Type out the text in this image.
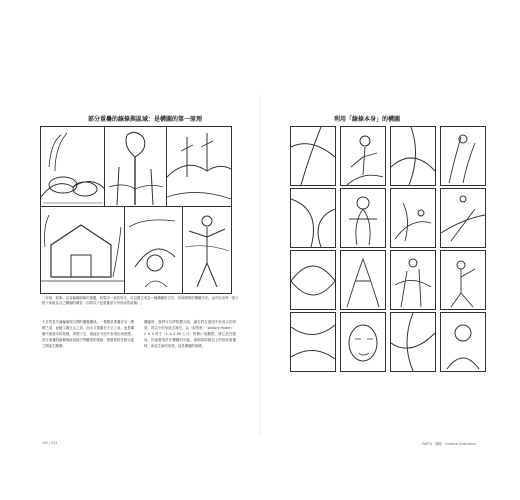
部分重疊的線條與區域：是構圖的第一原理
「房屋、鉛筆」以及輪廓線條的重疊，如果用一致的形式，可以讓它成為一種構圖的方法，形成簡明的構圖手法。也可以用每一張小格子來做為自己構圖的練習（亦即以下是重疊部分所形成的區塊）。
大自然是充滿輪廓與空間的疊覆關係。一棵樹是重疊在另一棵樹之前，而樹又疊在山之前，而山又重疊在天空之前。這是構圖中最基本的原理，掌握了它，就能在平面中表現出深度感。部分重疊的線條與區域能引導觀者的視線，使畫面的各個元素之間產生關聯。
構圖時，我們可以將物體分組，讓它們在畫面中形成大的形狀，再以小的形狀去補充。以「取景框」（picture finder）：2 × 4 英寸（1 × 2.54 公分）的開口來觀察，將它放在眼前，你會發現許多構圖的可能。兩個或兩個以上的形狀重疊時，會產生新的形狀，這是構圖的基礎。
252 | 253
利用「線條本身」的構圖
PART5 · 構圖 · Creative Illustration
